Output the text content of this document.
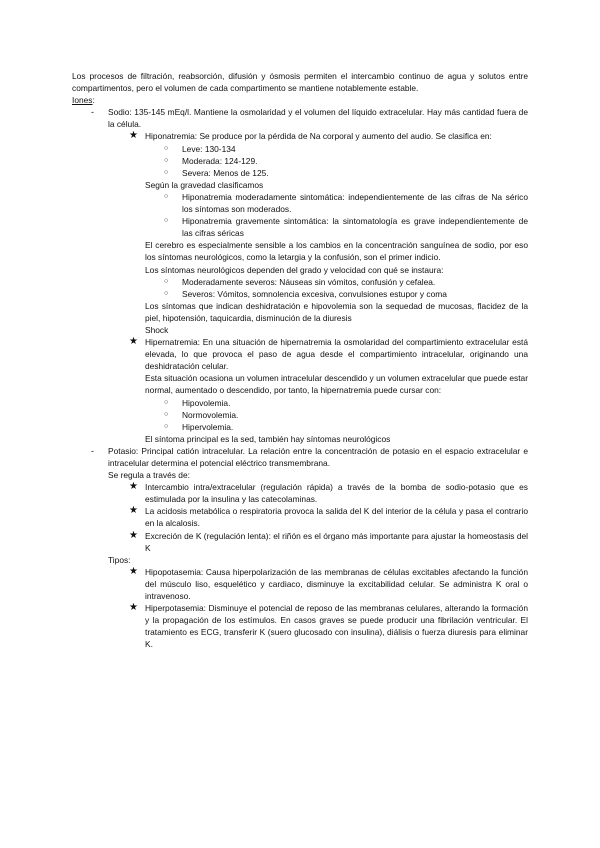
Los procesos de filtración, reabsorción, difusión y ósmosis permiten el intercambio continuo de agua y solutos entre compartimentos, pero el volumen de cada compartimento se mantiene notablemente estable.

Iones:

- Sodio: 135-145 mEq/l. Mantiene la osmolaridad y el volumen del líquido extracelular. Hay más cantidad fuera de la célula.

★ Hiponatremia: Se produce por la pérdida de Na corporal y aumento del audio. Se clasifica en:

○ Leve: 130-134

○ Moderada: 124-129.

○ Severa: Menos de 125.

Según la gravedad clasificamos

○ Hiponatremia moderadamente sintomática: independientemente de las cifras de Na sérico los síntomas son moderados.

○ Hiponatremia gravemente sintomática: la sintomatología es grave independientemente de las cifras séricas

El cerebro es especialmente sensible a los cambios en la concentración sanguínea de sodio, por eso los síntomas neurológicos, como la letargia y la confusión, son el primer indicio.

Los síntomas neurológicos dependen del grado y velocidad con qué se instaura:

○ Moderadamente severos: Náuseas sin vómitos, confusión y cefalea.

○ Severos: Vómitos, somnolencia excesiva, convulsiones estupor y coma

Los síntomas que indican deshidratación e hipovolemia son la sequedad de mucosas, flacidez de la piel, hipotensión, taquicardia, disminución de la diuresis

Shock

★ Hipernatremia: En una situación de hipernatremia la osmolaridad del compartimiento extracelular está elevada, lo que provoca el paso de agua desde el compartimiento intracelular, originando una deshidratación celular.

Esta situación ocasiona un volumen intracelular descendido y un volumen extracelular que puede estar normal, aumentado o descendido, por tanto, la hipernatremia puede cursar con:

○ Hipovolemia.

○ Normovolemia.

○ Hipervolemia.

El síntoma principal es la sed, también hay síntomas neurológicos

- Potasio: Principal catión intracelular. La relación entre la concentración de potasio en el espacio extracelular e intracelular determina el potencial eléctrico transmembrana.

Se regula a través de:

★ Intercambio intra/extracelular (regulación rápida) a través de la bomba de sodio-potasio que es estimulada por la insulina y las catecolaminas.

★ La acidosis metabólica o respiratoria provoca la salida del K del interior de la célula y pasa el contrario en la alcalosis.

★ Excreción de K (regulación lenta): el riñón es el órgano más importante para ajustar la homeostasis del K

Tipos:

★ Hipopotasemia: Causa hiperpolarización de las membranas de células excitables afectando la función del músculo liso, esquelético y cardiaco, disminuye la excitabilidad celular. Se administra K oral o intravenoso.

★ Hiperpotasemia: Disminuye el potencial de reposo de las membranas celulares, alterando la formación y la propagación de los estímulos. En casos graves se puede producir una fibrilación ventricular. El tratamiento es ECG, transferir K (suero glucosado con insulina), diálisis o fuerza diuresis para eliminar K.
